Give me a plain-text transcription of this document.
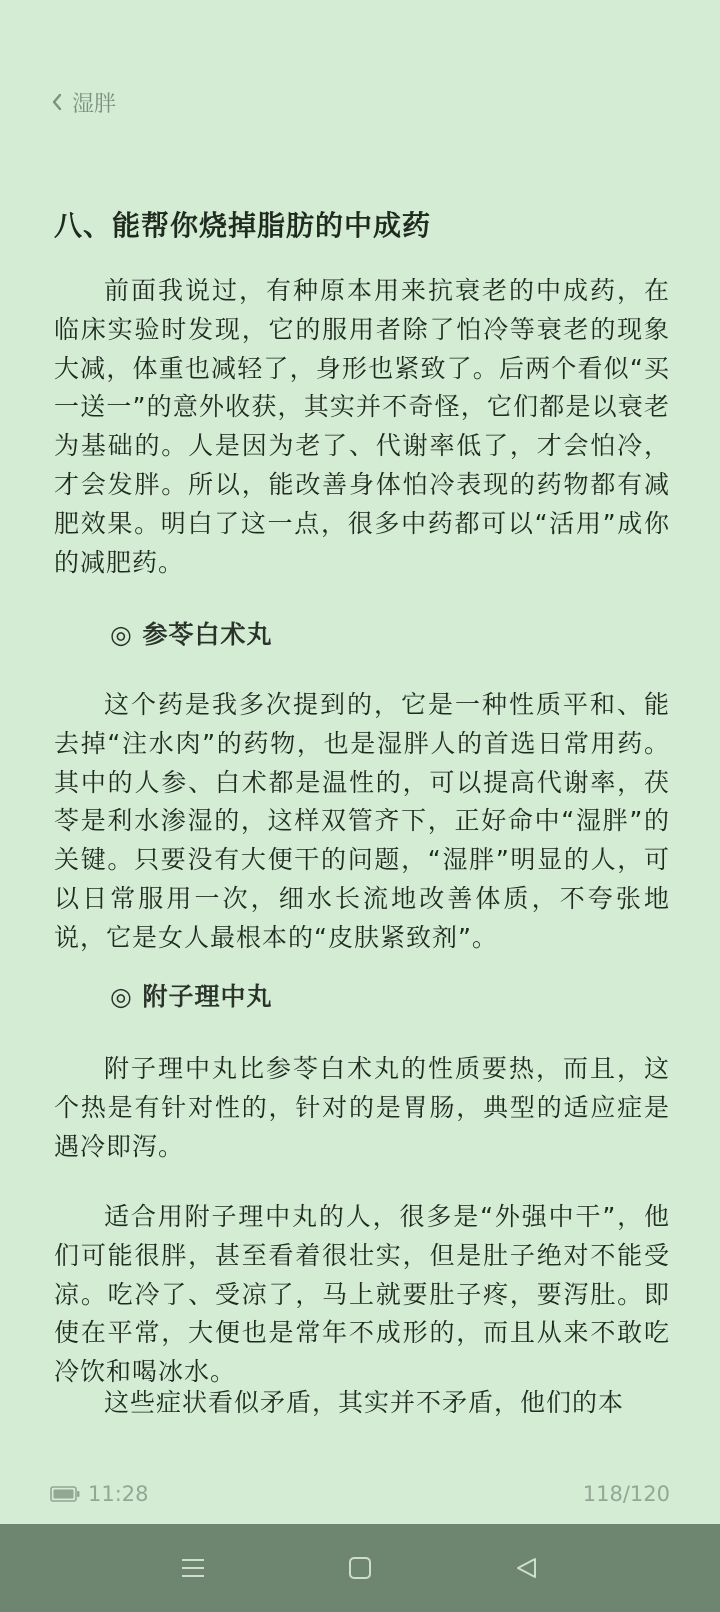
湿胖
八、能帮你烧掉脂肪的中成药

前面我说过，有种原本用来抗衰老的中成药，在临床实验时发现，它的服用者除了怕冷等衰老的现象大减，体重也减轻了，身形也紧致了。后两个看似“买一送一”的意外收获，其实并不奇怪，它们都是以衰老为基础的。人是因为老了、代谢率低了，才会怕冷，才会发胖。所以，能改善身体怕冷表现的药物都有减肥效果。明白了这一点，很多中药都可以“活用”成你的减肥药。

◎ 参苓白术丸

这个药是我多次提到的，它是一种性质平和、能去掉“注水肉”的药物，也是湿胖人的首选日常用药。其中的人参、白术都是温性的，可以提高代谢率，茯苓是利水渗湿的，这样双管齐下，正好命中“湿胖”的关键。只要没有大便干的问题，“湿胖”明显的人，可以日常服用一次，细水长流地改善体质，不夸张地说，它是女人最根本的“皮肤紧致剂”。

◎ 附子理中丸

附子理中丸比参苓白术丸的性质要热，而且，这个热是有针对性的，针对的是胃肠，典型的适应症是遇冷即泻。

适合用附子理中丸的人，很多是“外强中干”，他们可能很胖，甚至看着很壮实，但是肚子绝对不能受凉。吃冷了、受凉了，马上就要肚子疼，要泻肚。即使在平常，大便也是常年不成形的，而且从来不敢吃冷饮和喝冰水。

这些症状看似矛盾，其实并不矛盾，他们的本

11:28	118/120
